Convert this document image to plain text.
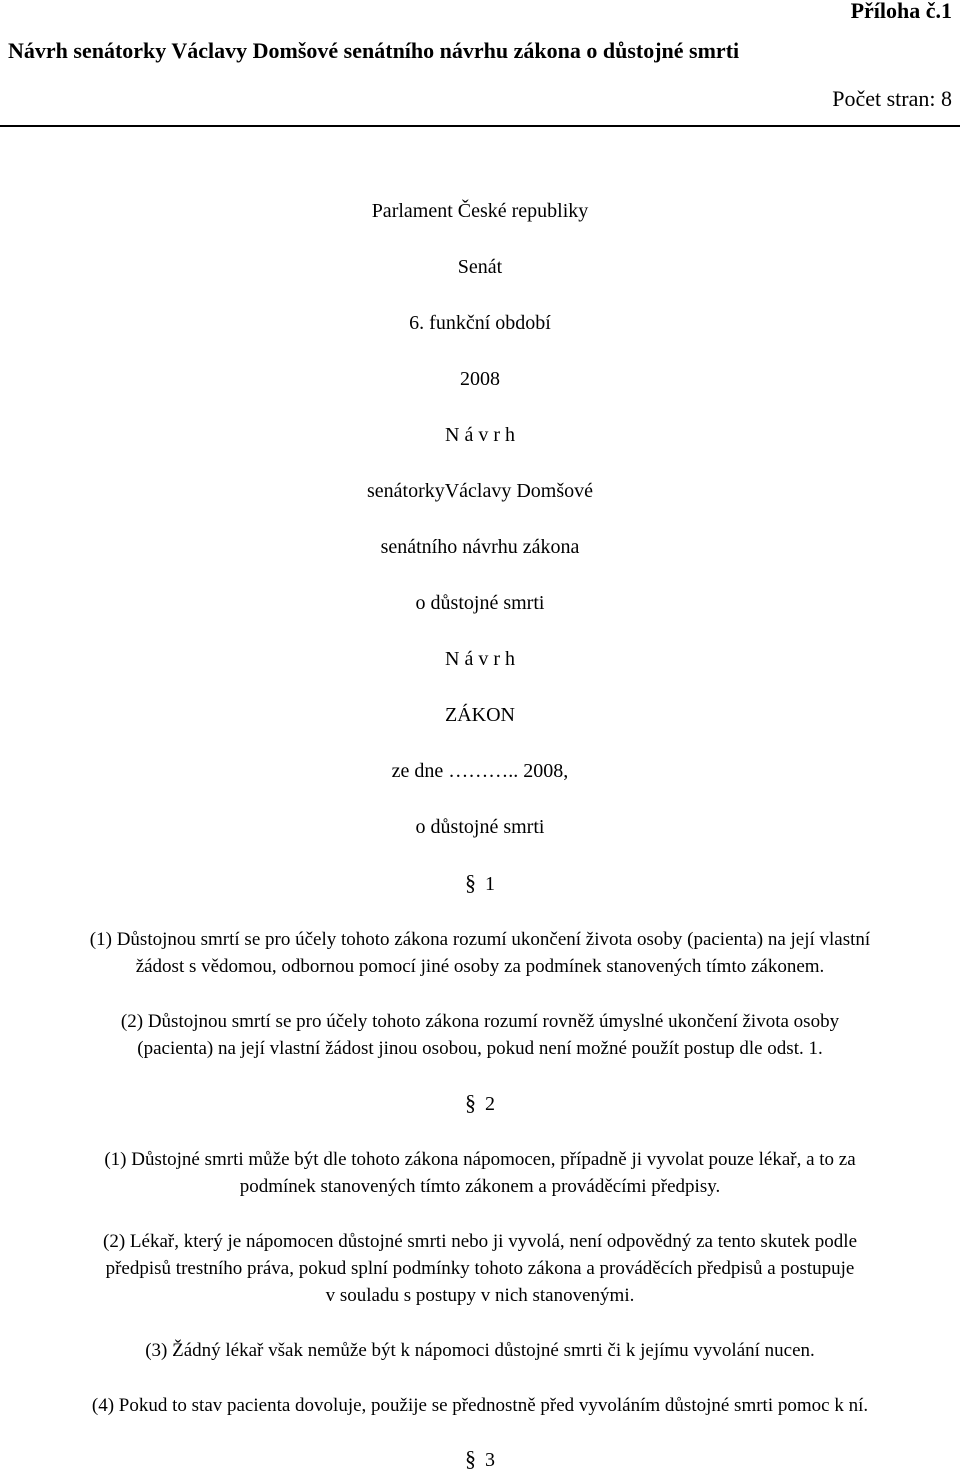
Příloha č.1
Návrh senátorky Václavy Domšové senátního návrhu zákona o důstojné smrti
Počet stran: 8
Parlament České republiky
Senát
6. funkční období
2008
N á v r h
senátorkyVáclavy Domšové
senátního návrhu zákona
o důstojné smrti
N á v r h
ZÁKON
ze dne ……….. 2008,
o důstojné smrti
§ 1
(1) Důstojnou smrtí se pro účely tohoto zákona rozumí ukončení života osoby (pacienta) na její vlastní
žádost s vědomou, odbornou pomocí jiné osoby za podmínek stanovených tímto zákonem.
(2) Důstojnou smrtí se pro účely tohoto zákona rozumí rovněž úmyslné ukončení života osoby
(pacienta) na její vlastní žádost jinou osobou, pokud není možné použít postup dle odst. 1.
§ 2
(1) Důstojné smrti může být dle tohoto zákona nápomocen, případně ji vyvolat pouze lékař, a to za
podmínek stanovených tímto zákonem a prováděcími předpisy.
(2) Lékař, který je nápomocen důstojné smrti nebo ji vyvolá, není odpovědný za tento skutek podle
předpisů trestního práva, pokud splní podmínky tohoto zákona a prováděcích předpisů a postupuje
v souladu s postupy v nich stanovenými.
(3) Žádný lékař však nemůže být k nápomoci důstojné smrti či k jejímu vyvolání nucen.
(4) Pokud to stav pacienta dovoluje, použije se přednostně před vyvoláním důstojné smrti pomoc k ní.
§ 3
